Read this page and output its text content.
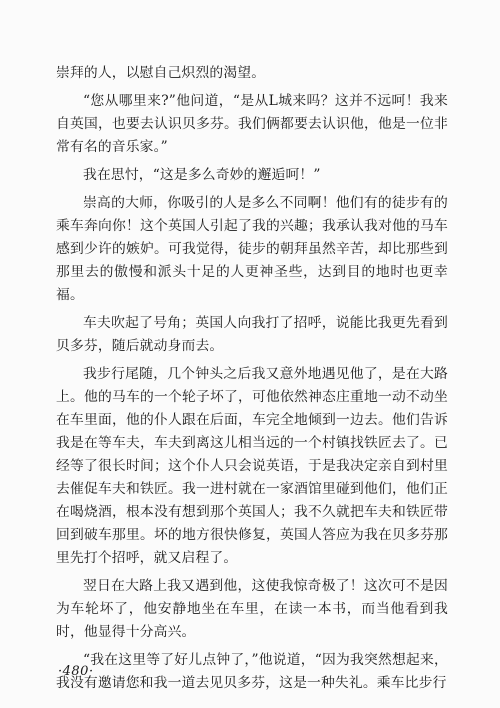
崇拜的人，以慰自己炽烈的渴望。

“您从哪里来?”他问道，“是从L城来吗？这并不远呵！我来自英国，也要去认识贝多芬。我们俩都要去认识他，他是一位非常有名的音乐家。”

我在思忖，“这是多么奇妙的邂逅呵！”

崇高的大师，你吸引的人是多么不同啊！他们有的徒步有的乘车奔向你！这个英国人引起了我的兴趣；我承认我对他的马车感到少许的嫉妒。可我觉得，徒步的朝拜虽然辛苦，却比那些到那里去的傲慢和派头十足的人更神圣些，达到目的地时也更幸福。

车夫吹起了号角；英国人向我打了招呼，说能比我更先看到贝多芬，随后就动身而去。

我步行尾随，几个钟头之后我又意外地遇见他了，是在大路上。他的马车的一个轮子坏了，可他依然神态庄重地一动不动坐在车里面，他的仆人跟在后面，车完全地倾到一边去。他们告诉我是在等车夫，车夫到离这儿相当远的一个村镇找铁匠去了。已经等了很长时间；这个仆人只会说英语，于是我决定亲自到村里去催促车夫和铁匠。我一进村就在一家酒馆里碰到他们，他们正在喝烧酒，根本没有想到那个英国人；我不久就把车夫和铁匠带回到破车那里。坏的地方很快修复，英国人答应为我在贝多芬那里先打个招呼，就又启程了。

翌日在大路上我又遇到他，这使我惊奇极了！这次可不是因为车轮坏了，他安静地坐在车里，在读一本书，而当他看到我时，他显得十分高兴。

“我在这里等了好儿点钟了，”他说道，“因为我突然想起来，我没有邀请您和我一道去见贝多芬，这是一种失礼。乘车比步行

·480·
